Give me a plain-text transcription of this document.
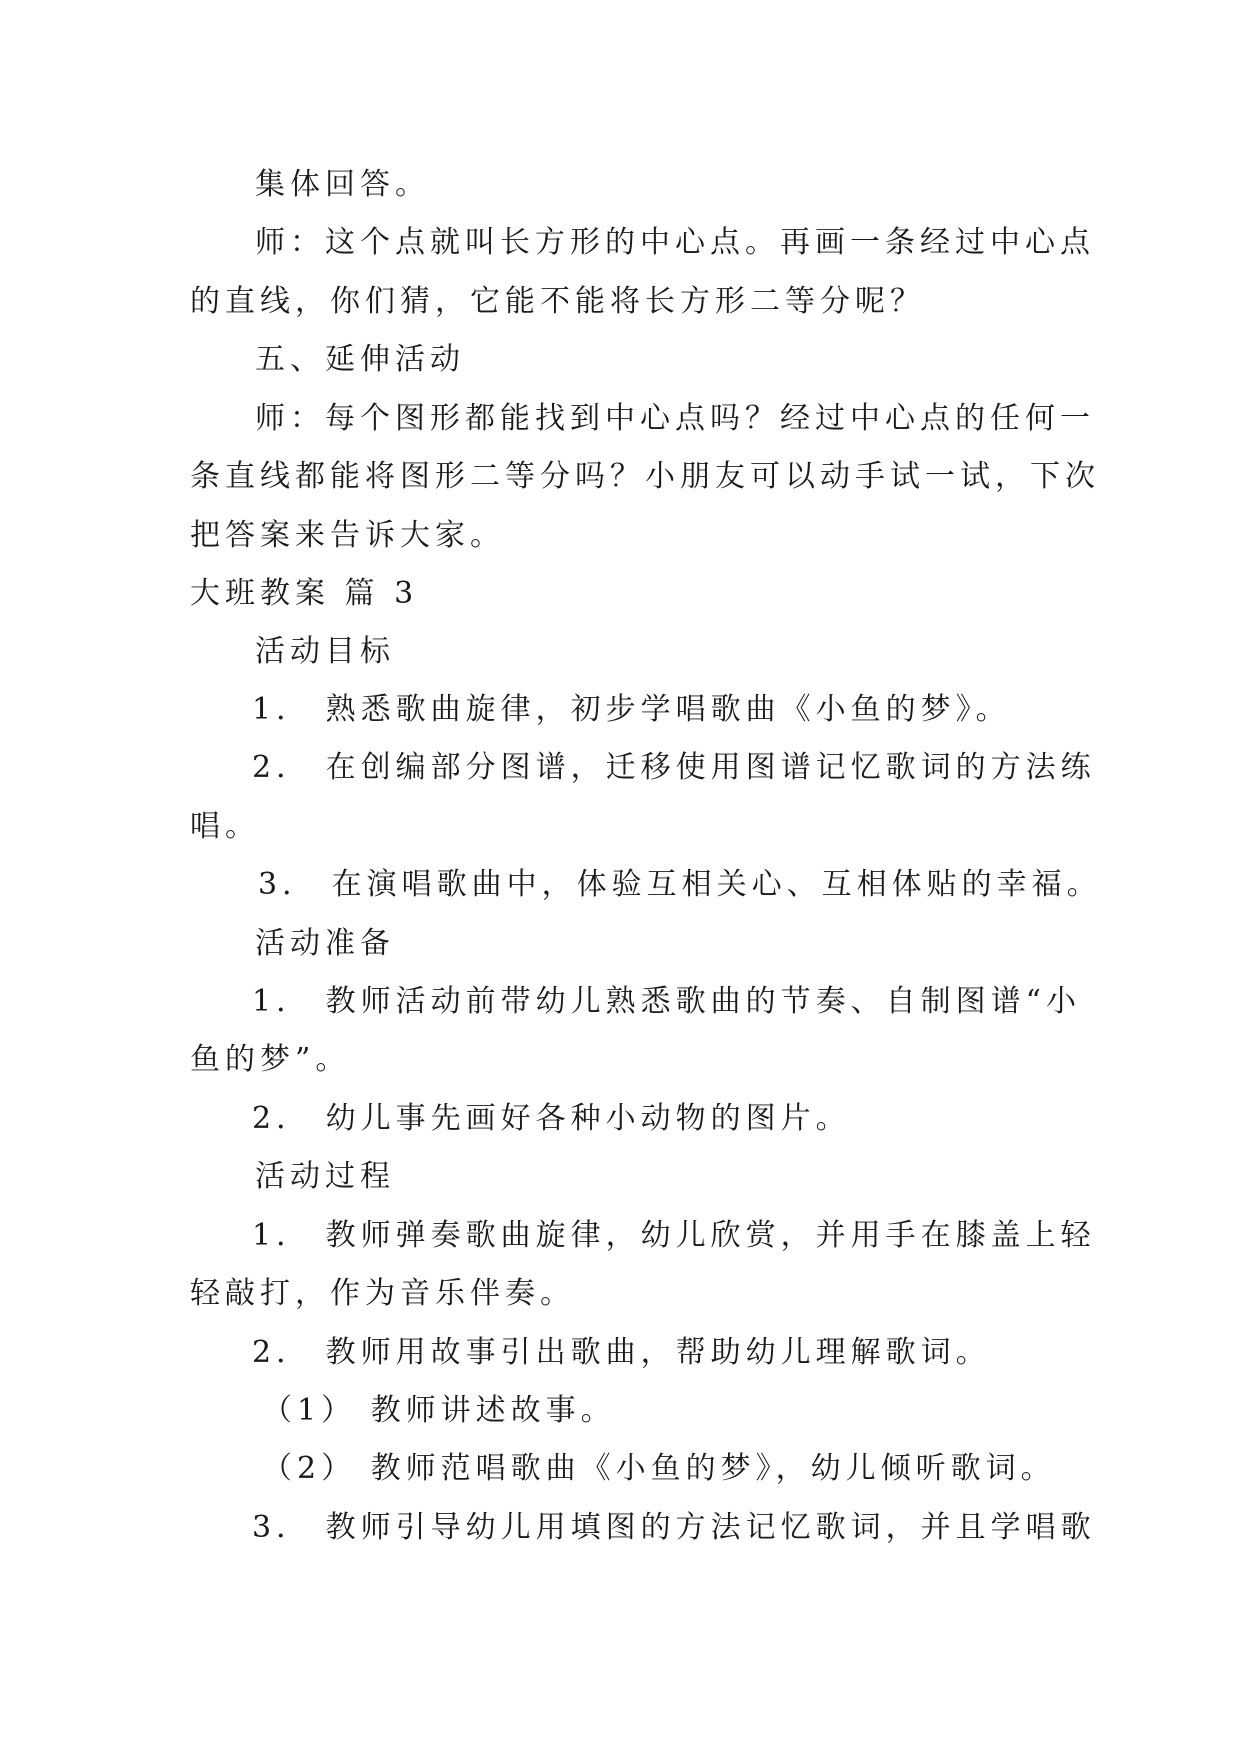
集体回答。
师：这个点就叫长方形的中心点。再画一条经过中心点
的直线，你们猜，它能不能将长方形二等分呢？
五、延伸活动
师：每个图形都能找到中心点吗？经过中心点的任何一
条直线都能将图形二等分吗？小朋友可以动手试一试，下次
把答案来告诉大家。
大班教案 篇 3
活动目标
1． 熟悉歌曲旋律，初步学唱歌曲《小鱼的梦》。
2． 在创编部分图谱，迁移使用图谱记忆歌词的方法练
唱。
3． 在演唱歌曲中，体验互相关心、互相体贴的幸福。
活动准备
1． 教师活动前带幼儿熟悉歌曲的节奏、自制图谱“小
鱼的梦”。
2． 幼儿事先画好各种小动物的图片。
活动过程
1． 教师弹奏歌曲旋律，幼儿欣赏，并用手在膝盖上轻
轻敲打，作为音乐伴奏。
2． 教师用故事引出歌曲，帮助幼儿理解歌词。
（1） 教师讲述故事。
（2） 教师范唱歌曲《小鱼的梦》，幼儿倾听歌词。
3． 教师引导幼儿用填图的方法记忆歌词，并且学唱歌
